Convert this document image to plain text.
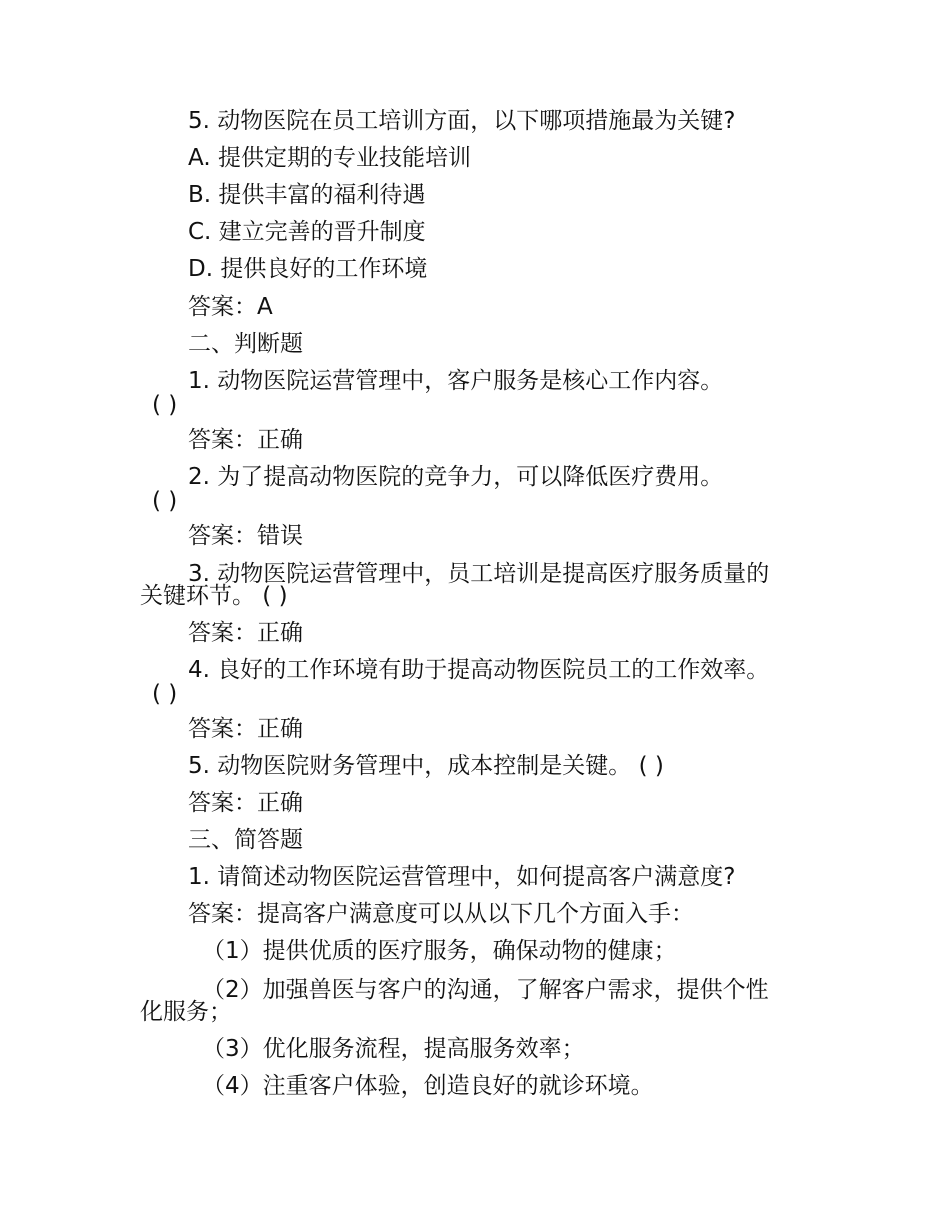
5. 动物医院在员工培训方面，以下哪项措施最为关键?
A. 提供定期的专业技能培训
B. 提供丰富的福利待遇
C. 建立完善的晋升制度
D. 提供良好的工作环境
答案：A
二、判断题
1. 动物医院运营管理中，客户服务是核心工作内容。
( )
答案：正确
2. 为了提高动物医院的竞争力，可以降低医疗费用。
( )
答案：错误
3. 动物医院运营管理中，员工培训是提高医疗服务质量的
关键环节。 ( )
答案：正确
4. 良好的工作环境有助于提高动物医院员工的工作效率。
( )
答案：正确
5. 动物医院财务管理中，成本控制是关键。 ( )
答案：正确
三、简答题
1. 请简述动物医院运营管理中，如何提高客户满意度?
答案：提高客户满意度可以从以下几个方面入手：
（1）提供优质的医疗服务，确保动物的健康；
（2）加强兽医与客户的沟通，了解客户需求，提供个性
化服务；
（3）优化服务流程，提高服务效率；
（4）注重客户体验，创造良好的就诊环境。
